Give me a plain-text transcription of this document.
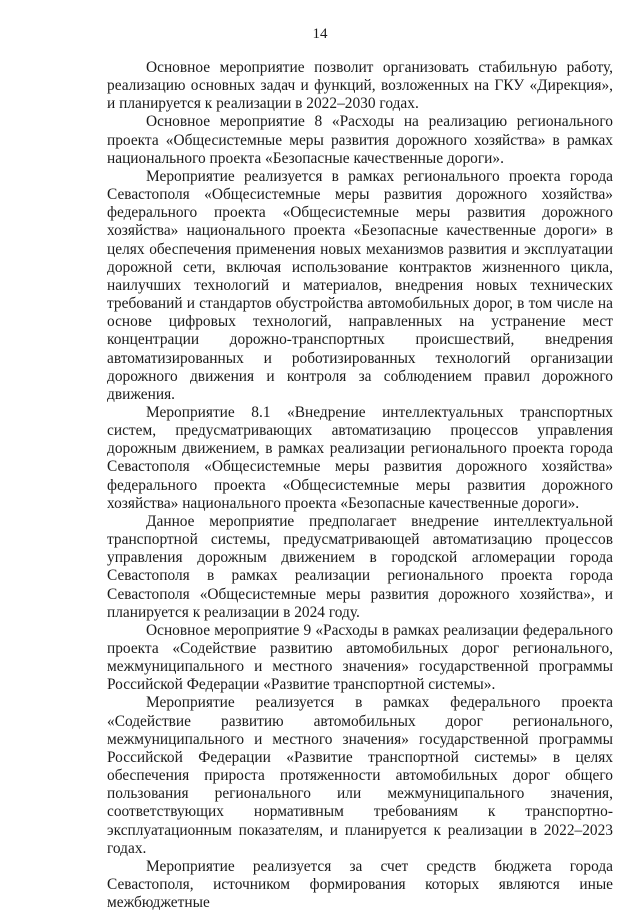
14

Основное мероприятие позволит организовать стабильную работу, реализацию основных задач и функций, возложенных на ГКУ «Дирекция», и планируется к реализации в 2022–2030 годах.

Основное мероприятие 8 «Расходы на реализацию регионального проекта «Общесистемные меры развития дорожного хозяйства» в рамках национального проекта «Безопасные качественные дороги».

Мероприятие реализуется в рамках регионального проекта города Севастополя «Общесистемные меры развития дорожного хозяйства» федерального проекта «Общесистемные меры развития дорожного хозяйства» национального проекта «Безопасные качественные дороги» в целях обеспечения применения новых механизмов развития и эксплуатации дорожной сети, включая использование контрактов жизненного цикла, наилучших технологий и материалов, внедрения новых технических требований и стандартов обустройства автомобильных дорог, в том числе на основе цифровых технологий, направленных на устранение мест концентрации дорожно-транспортных происшествий, внедрения автоматизированных и роботизированных технологий организации дорожного движения и контроля за соблюдением правил дорожного движения.

Мероприятие 8.1 «Внедрение интеллектуальных транспортных систем, предусматривающих автоматизацию процессов управления дорожным движением, в рамках реализации регионального проекта города Севастополя «Общесистемные меры развития дорожного хозяйства» федерального проекта «Общесистемные меры развития дорожного хозяйства» национального проекта «Безопасные качественные дороги».

Данное мероприятие предполагает внедрение интеллектуальной транспортной системы, предусматривающей автоматизацию процессов управления дорожным движением в городской агломерации города Севастополя в рамках реализации регионального проекта города Севастополя «Общесистемные меры развития дорожного хозяйства», и планируется к реализации в 2024 году.

Основное мероприятие 9 «Расходы в рамках реализации федерального проекта «Содействие развитию автомобильных дорог регионального, межмуниципального и местного значения» государственной программы Российской Федерации «Развитие транспортной системы».

Мероприятие реализуется в рамках федерального проекта «Содействие развитию автомобильных дорог регионального, межмуниципального и местного значения» государственной программы Российской Федерации «Развитие транспортной системы» в целях обеспечения прироста протяженности автомобильных дорог общего пользования регионального или межмуниципального значения, соответствующих нормативным требованиям к транспортно-эксплуатационным показателям, и планируется к реализации в 2022–2023 годах.

Мероприятие реализуется за счет средств бюджета города Севастополя, источником формирования которых являются иные межбюджетные
